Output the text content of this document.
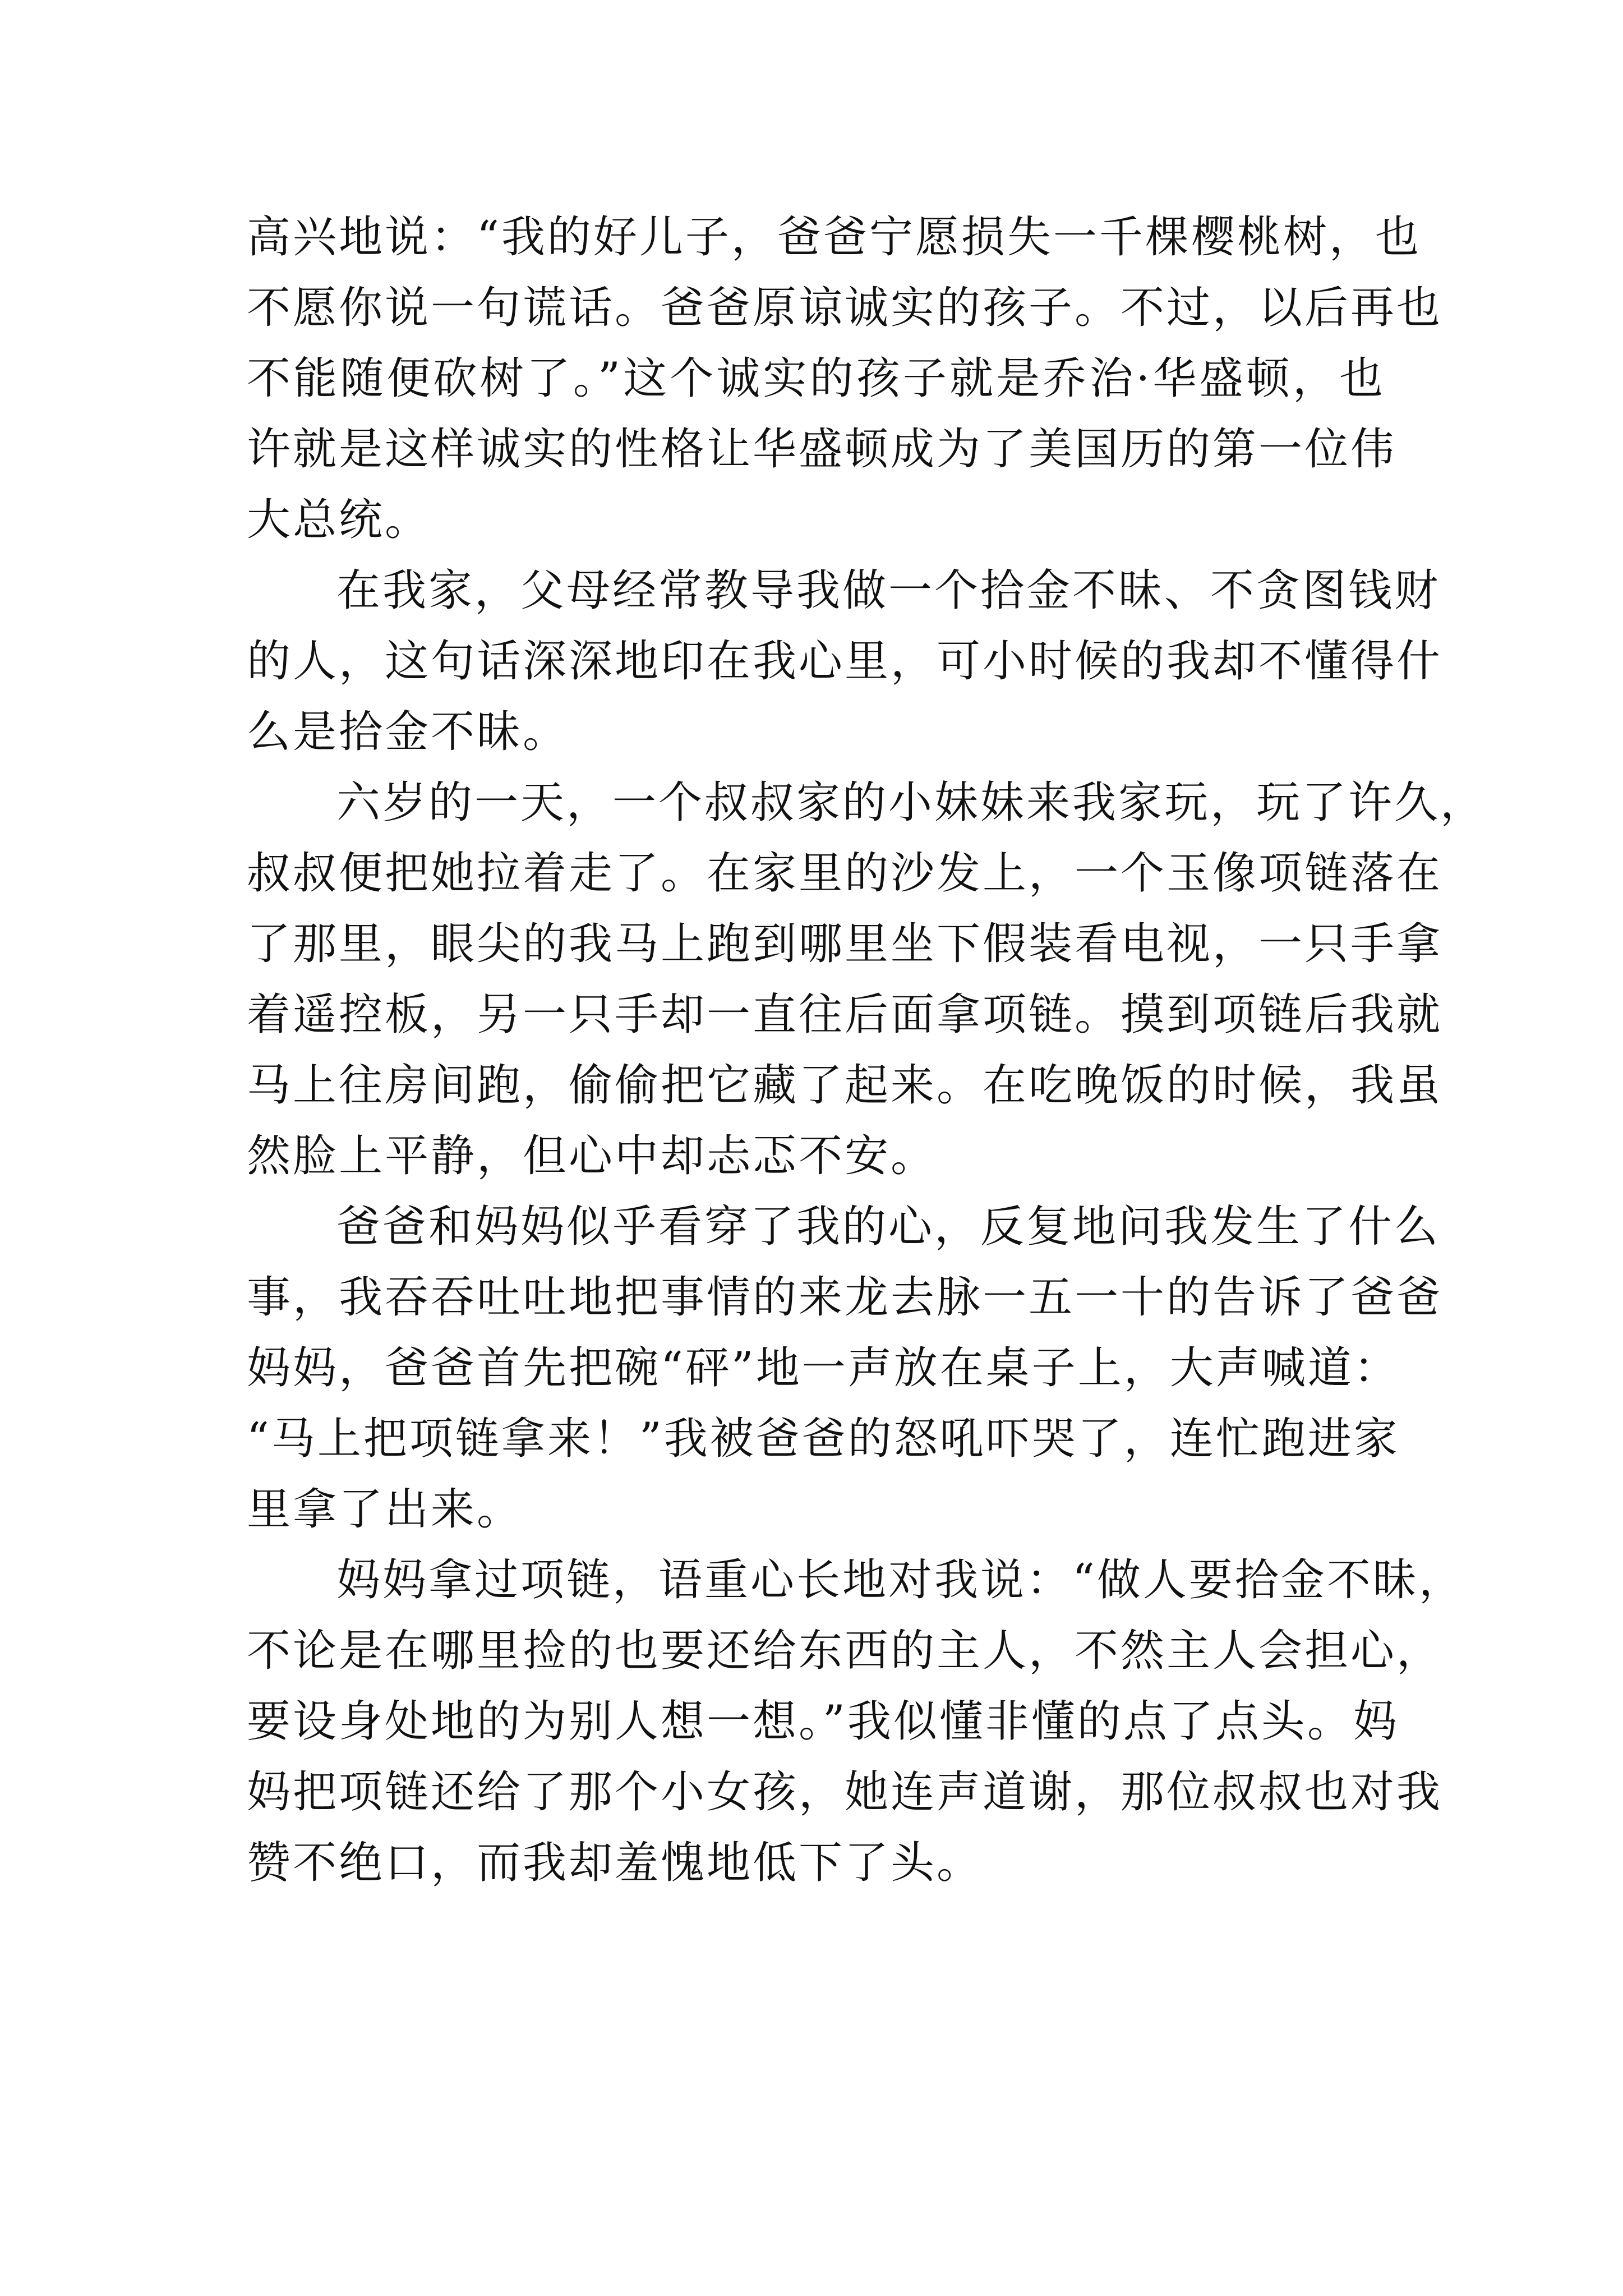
高兴地说：“我的好儿子，爸爸宁愿损失一千棵樱桃树，也
不愿你说一句谎话。爸爸原谅诚实的孩子。不过，以后再也
不能随便砍树了。”这个诚实的孩子就是乔治·华盛顿，也
许就是这样诚实的性格让华盛顿成为了美国历的第一位伟
大总统。
在我家，父母经常教导我做一个拾金不昧、不贪图钱财
的人，这句话深深地印在我心里，可小时候的我却不懂得什
么是拾金不昧。
六岁的一天，一个叔叔家的小妹妹来我家玩，玩了许久，
叔叔便把她拉着走了。在家里的沙发上，一个玉像项链落在
了那里，眼尖的我马上跑到哪里坐下假装看电视，一只手拿
着遥控板，另一只手却一直往后面拿项链。摸到项链后我就
马上往房间跑，偷偷把它藏了起来。在吃晚饭的时候，我虽
然脸上平静，但心中却忐忑不安。
爸爸和妈妈似乎看穿了我的心，反复地问我发生了什么
事，我吞吞吐吐地把事情的来龙去脉一五一十的告诉了爸爸
妈妈，爸爸首先把碗“砰”地一声放在桌子上，大声喊道：
“马上把项链拿来！”我被爸爸的怒吼吓哭了，连忙跑进家
里拿了出来。
妈妈拿过项链，语重心长地对我说：“做人要拾金不昧，
不论是在哪里捡的也要还给东西的主人，不然主人会担心，
要设身处地的为别人想一想。”我似懂非懂的点了点头。妈
妈把项链还给了那个小女孩，她连声道谢，那位叔叔也对我
赞不绝口，而我却羞愧地低下了头。
